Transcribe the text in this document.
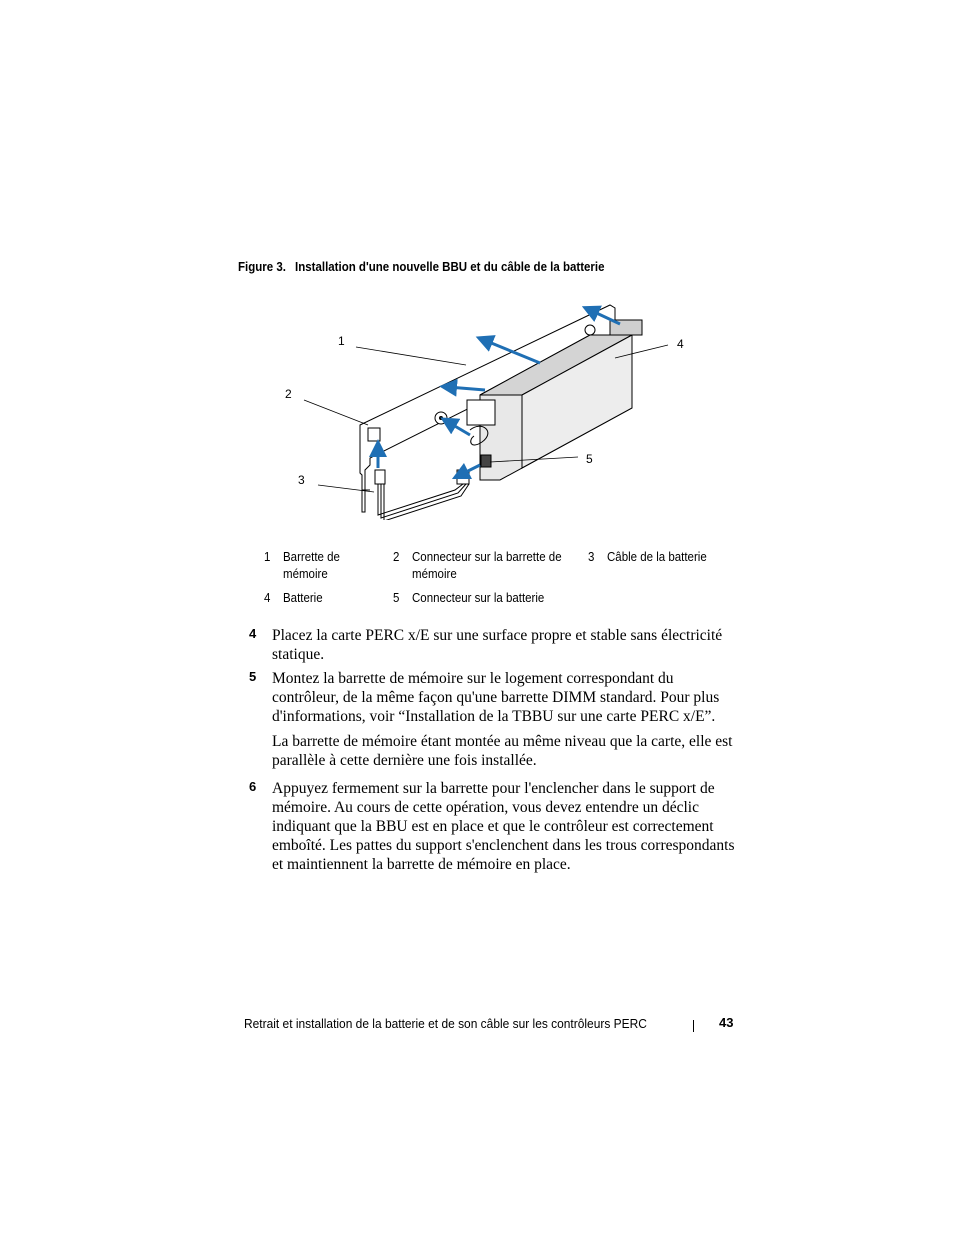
Figure 3. Installation d'une nouvelle BBU et du câble de la batterie
1
2
3
4
5
1 Barrette de mémoire
2 Connecteur sur la barrette de mémoire
3 Câble de la batterie
4 Batterie	5 Connecteur sur la batterie
4 Placez la carte PERC x/E sur une surface propre et stable sans électricité statique.
5 Montez la barrette de mémoire sur le logement correspondant du contrôleur, de la même façon qu'une barrette DIMM standard. Pour plus d'informations, voir “Installation de la TBBU sur une carte PERC x/E”.
La barrette de mémoire étant montée au même niveau que la carte, elle est parallèle à cette dernière une fois installée.
6 Appuyez fermement sur la barrette pour l'enclencher dans le support de mémoire. Au cours de cette opération, vous devez entendre un déclic indiquant que la BBU est en place et que le contrôleur est correctement emboîté. Les pattes du support s'enclenchent dans les trous correspondants et maintiennent la barrette de mémoire en place.
Retrait et installation de la batterie et de son câble sur les contrôleurs PERC	43
